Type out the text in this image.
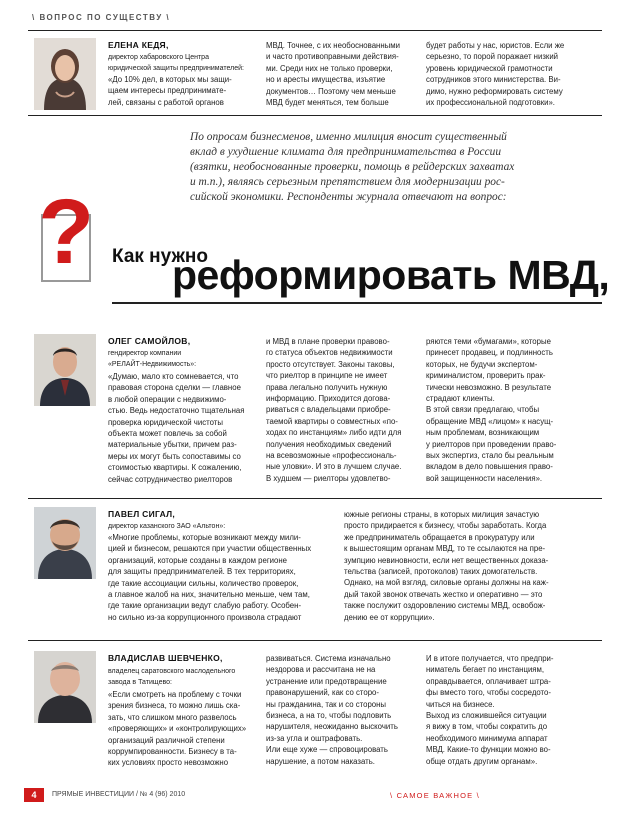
\ ВОПРОС ПО СУЩЕСТВУ \
ЕЛЕНА КЕДЯ,
директор хабаровского Центра
юридической защиты предпринимателей:
«До 10% дел, в которых мы защи-
щаем интересы предпринимате-
лей, связаны с работой органов
МВД. Точнее, с их необоснованными
и часто противоправными действия-
ми. Среди них не только проверки,
но и аресты имущества, изъятие
документов… Поэтому чем меньше
МВД будет меняться, тем больше
будет работы у нас, юристов. Если же
серьезно, то порой поражает низкий
уровень юридической грамотности
сотрудников этого министерства. Ви-
димо, нужно реформировать систему
их профессиональной подготовки».
По опросам бизнесменов, именно милиция вносит существенный
вклад в ухудшение климата для предпринимательства в России
(взятки, необоснованные проверки, помощь в рейдерских захватах
и т.п.), являясь серьезным препятствием для модернизации рос-
сийской экономики. Респонденты журнала отвечают на вопрос:
? Как нужно
реформировать МВД,
ОЛЕГ САМОЙЛОВ,
гендиректор компании
«РЕЛАЙТ-Недвижимость»:
«Думаю, мало кто сомневается, что
правовая сторона сделки — главное
в любой операции с недвижимо-
стью. Ведь недостаточно тщательная
проверка юридической чистоты
объекта может повлечь за собой
материальные убытки, причем раз-
меры их могут быть сопоставимы со
стоимостью квартиры. К сожалению,
сейчас сотрудничество риелторов
и МВД в плане проверки правово-
го статуса объектов недвижимости
просто отсутствует. Законы таковы,
что риелтор в принципе не имеет
права легально получить нужную
информацию. Приходится догова-
риваться с владельцами приобре-
таемой квартиры о совместных «по-
ходах по инстанциям» либо идти для
получения необходимых сведений
на всевозможные «профессиональ-
ные уловки». И это в лучшем случае.
В худшем — риелторы удовлетво-
ряются теми «бумагами», которые
принесет продавец, и подлинность
которых, не будучи экспертом-
криминалистом, проверить прак-
тически невозможно. В результате
страдают клиенты.
В этой связи предлагаю, чтобы
обращение МВД «лицом» к насущ-
ным проблемам, возникающим
у риелторов при проведении право-
вых экспертиз, стало бы реальным
вкладом в дело повышения право-
вой защищенности населения».
ПАВЕЛ СИГАЛ,
директор казанского ЗАО «Альтон»:
«Многие проблемы, которые возникают между мили-
цией и бизнесом, решаются при участии общественных
организаций, которые созданы в каждом регионе
для защиты предпринимателей. В тех территориях,
где такие ассоциации сильны, количество проверок,
а главное жалоб на них, значительно меньше, чем там,
где такие организации ведут слабую работу. Особен-
но сильно из-за коррупционного произвола страдают
южные регионы страны, в которых милиция зачастую
просто придирается к бизнесу, чтобы заработать. Когда
же предприниматель обращается в прокуратуру или
к вышестоящим органам МВД, то те ссылаются на пре-
зумпцию невиновности, если нет вещественных доказа-
тельства (записей, протоколов) таких домогательств.
Однако, на мой взгляд, силовые органы должны на каж-
дый такой звонок отвечать жестко и оперативно — это
также послужит оздоровлению системы МВД, освобож-
дению ее от коррупции».
ВЛАДИСЛАВ ШЕВЧЕНКО,
владелец саратовского маслодельного
завода в Татищево:
«Если смотреть на проблему с точки
зрения бизнеса, то можно лишь ска-
зать, что слишком много развелось
«проверяющих» и «контролирующих»
организаций различной степени
коррумпированности. Бизнесу в та-
ких условиях просто невозможно
развиваться. Система изначально
нездорова и рассчитана не на
устранение или предотвращение
правонарушений, как со сторо-
ны гражданина, так и со стороны
бизнеса, а на то, чтобы подловить
нарушителя, неожиданно выскочить
из-за угла и оштрафовать.
Или еще хуже — спровоцировать
нарушение, а потом наказать.
И в итоге получается, что предпри-
ниматель бегает по инстанциям,
оправдывается, оплачивает штра-
фы вместо того, чтобы сосредото-
читься на бизнесе.
Выход из сложившейся ситуации
я вижу в том, чтобы сократить до
необходимого минимума аппарат
МВД. Какие-то функции можно во-
обще отдать другим органам».
4	ПРЯМЫЕ ИНВЕСТИЦИИ / № 4 (96) 2010	\ САМОЕ ВАЖНОЕ \
